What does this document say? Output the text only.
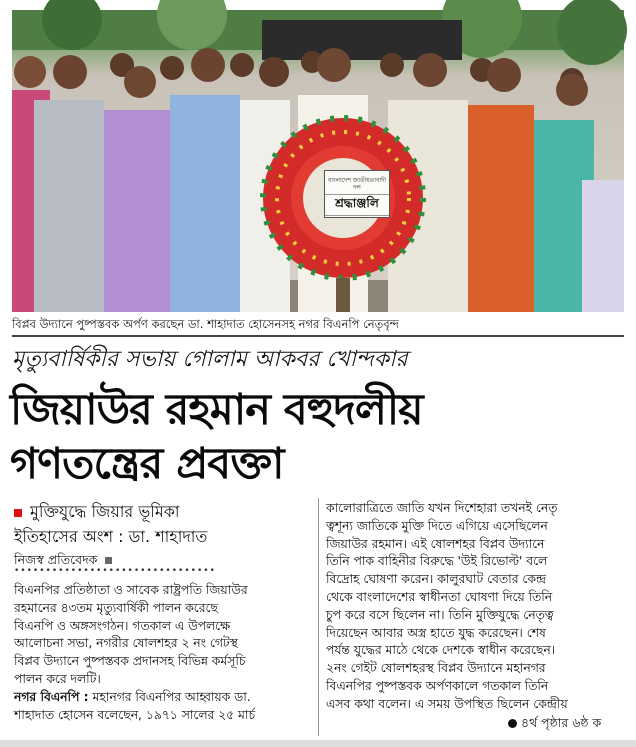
বাংলাদেশ জাতীয়তাবাদী দল
শ্রদ্ধাঞ্জলি
বিপ্লব উদ্যানে পুষ্পস্তবক অর্পণ করছেন ডা. শাহাদাত হোসেনসহ নগর বিএনপি নেতৃবৃন্দ
মৃত্যুবার্ষিকীর সভায় গোলাম আকবর খোন্দকার
জিয়াউর রহমান বহুদলীয়
গণতন্ত্রের প্রবক্তা
মুক্তিযুদ্ধে জিয়ার ভূমিকা
ইতিহাসের অংশ : ডা. শাহাদাত
নিজস্ব প্রতিবেদক
••••••••••••••••••••••••••••••••
বিএনপির প্রতিষ্ঠাতা ও সাবেক রাষ্ট্রপতি জিয়াউর
রহমানের ৪৩তম মৃত্যুবার্ষিকী পালন করেছে
বিএনপি ও অঙ্গসংগঠন। গতকাল এ উপলক্ষে
আলোচনা সভা, নগরীর ষোলশহর ২ নং গেটস্থ
বিপ্লব উদ্যানে পুষ্পস্তবক প্রদানসহ বিভিন্ন কর্মসূচি
পালন করে দলটি।
নগর বিএনপি : মহানগর বিএনপির আহ্বায়ক ডা.
শাহাদাত হোসেন বলেছেন, ১৯৭১ সালের ২৫ মার্চ
কালোরাত্রিতে জাতি যখন দিশেহারা তখনই নেতৃ
ত্বশূন্য জাতিকে মুক্তি দিতে এগিয়ে এসেছিলেন
জিয়াউর রহমান। এই ষোলশহর বিপ্লব উদ্যানে
তিনি পাক বাহিনীর বিরুদ্ধে 'উই রিভোল্ট' বলে
বিদ্রোহ ঘোষণা করেন। কালুরঘাট বেতার কেন্দ্র
থেকে বাংলাদেশের স্বাধীনতা ঘোষণা দিয়ে তিনি
চুপ করে বসে ছিলেন না। তিনি মুক্তিযুদ্ধে নেতৃত্ব
দিয়েছেন আবার অস্ত্র হাতে যুদ্ধ করেছেন। শেষ
পর্যন্ত যুদ্ধের মাঠে থেকে দেশকে স্বাধীন করেছেন।
২নং গেইট ষোলশহরস্থ বিপ্লব উদ্যানে মহানগর
বিএনপির পুষ্পস্তবক অর্পণকালে গতকাল তিনি
এসব কথা বলেন। এ সময় উপস্থিত ছিলেন কেন্দ্রীয়
৪র্থ পৃষ্ঠার ৬ষ্ঠ ক
